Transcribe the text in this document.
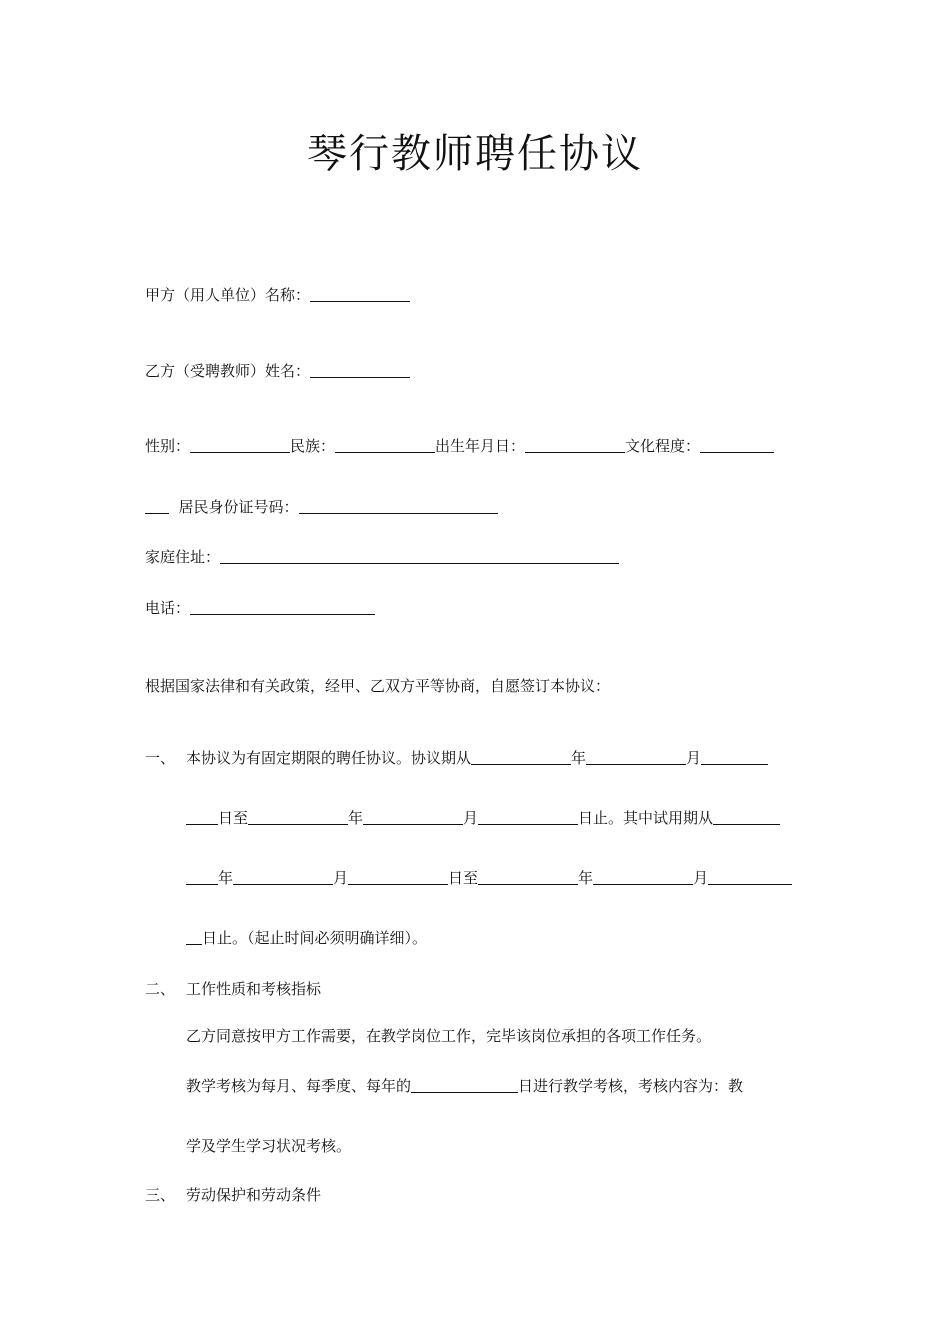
琴行教师聘任协议
甲方（用人单位）名称：
乙方（受聘教师）姓名：
性别：	民族：	出生年月日：	文化程度：
居民身份证号码：
家庭住址：
电话：
根据国家法律和有关政策，经甲、乙双方平等协商，自愿签订本协议：
一、 本协议为有固定期限的聘任协议。协议期从	年	月
日至	年	月	日止。其中试用期从
年	月	日至	年	月
日止。（起止时间必须明确详细）。
二、 工作性质和考核指标
乙方同意按甲方工作需要，在教学岗位工作，完毕该岗位承担的各项工作任务。
教学考核为每月、每季度、每年的	日进行教学考核，考核内容为：教
学及学生学习状况考核。
三、 劳动保护和劳动条件
